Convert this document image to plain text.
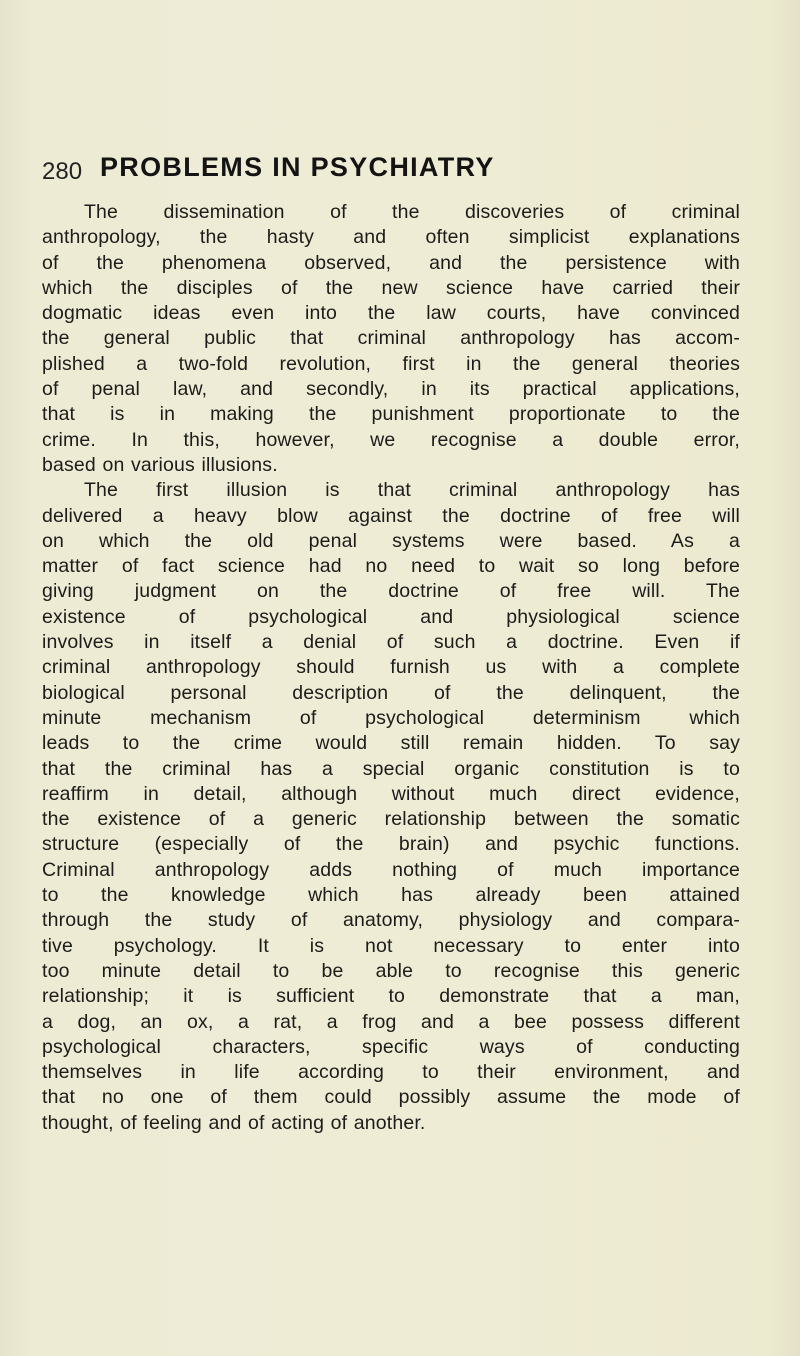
280 PROBLEMS IN PSYCHIATRY
The dissemination of the discoveries of criminal
anthropology, the hasty and often simplicist explanations
of the phenomena observed, and the persistence with
which the disciples of the new science have carried their
dogmatic ideas even into the law courts, have convinced
the general public that criminal anthropology has accom-
plished a two-fold revolution, first in the general theories
of penal law, and secondly, in its practical applications,
that is in making the punishment proportionate to the
crime. In this, however, we recognise a double error,
based on various illusions.
The first illusion is that criminal anthropology has
delivered a heavy blow against the doctrine of free will
on which the old penal systems were based. As a
matter of fact science had no need to wait so long before
giving judgment on the doctrine of free will. The
existence of psychological and physiological science
involves in itself a denial of such a doctrine. Even if
criminal anthropology should furnish us with a complete
biological personal description of the delinquent, the
minute mechanism of psychological determinism which
leads to the crime would still remain hidden. To say
that the criminal has a special organic constitution is to
reaffirm in detail, although without much direct evidence,
the existence of a generic relationship between the somatic
structure (especially of the brain) and psychic functions.
Criminal anthropology adds nothing of much importance
to the knowledge which has already been attained
through the study of anatomy, physiology and compara-
tive psychology. It is not necessary to enter into
too minute detail to be able to recognise this generic
relationship; it is sufficient to demonstrate that a man,
a dog, an ox, a rat, a frog and a bee possess different
psychological characters, specific ways of conducting
themselves in life according to their environment, and
that no one of them could possibly assume the mode of
thought, of feeling and of acting of another.
